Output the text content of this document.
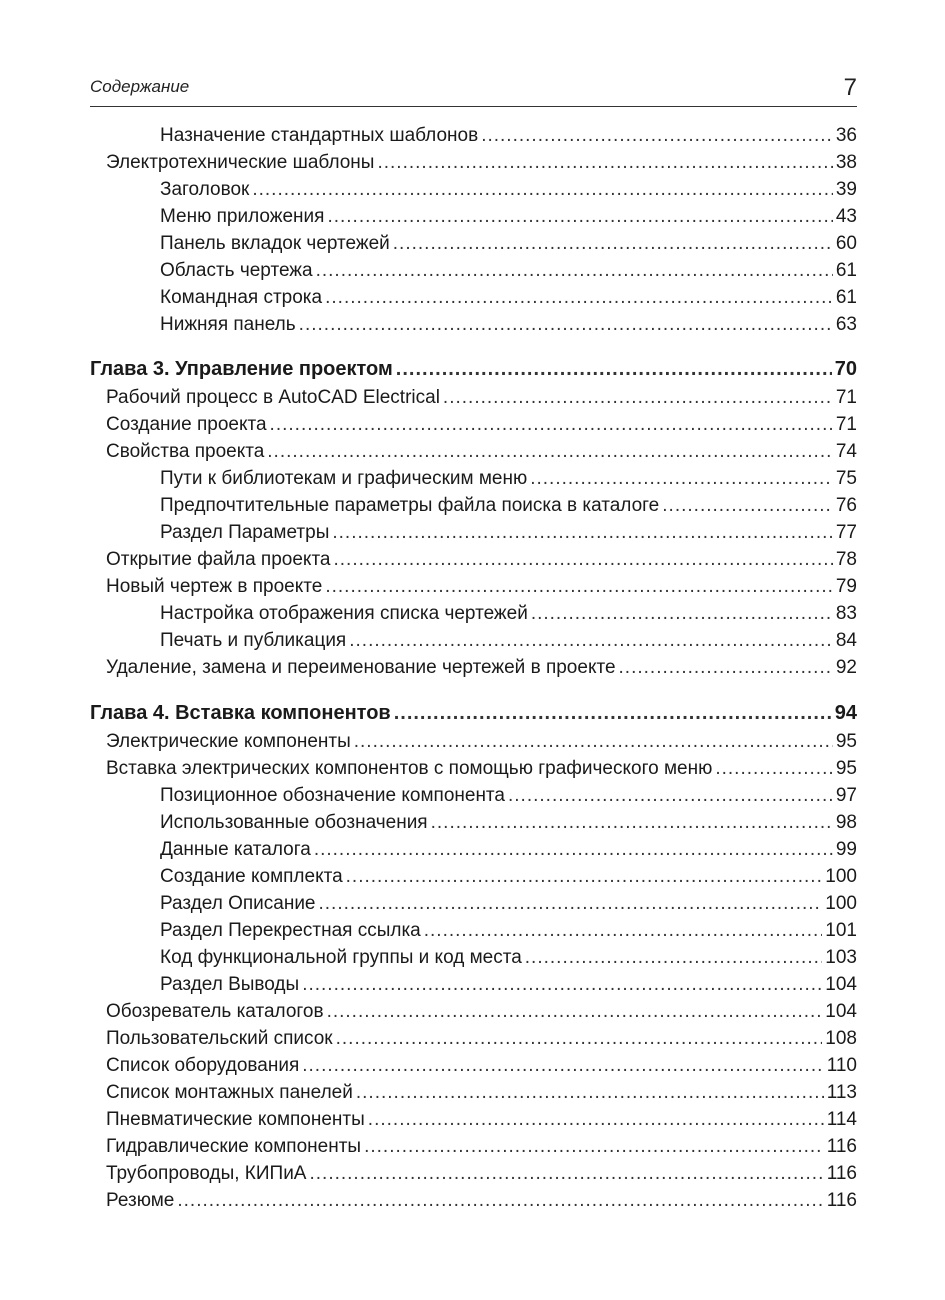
Содержание	7
Назначение стандартных шаблонов .....	36
Электротехнические шаблоны .....	38
Заголовок .....	39
Меню приложения .....	43
Панель вкладок чертежей .....	60
Область чертежа .....	61
Командная строка .....	61
Нижняя панель .....	63
Глава 3. Управление проектом .....	70
Рабочий процесс в AutoCAD Electrical .....	71
Создание проекта .....	71
Свойства проекта .....	74
Пути к библиотекам и графическим меню .....	75
Предпочтительные параметры файла поиска в каталоге .....	76
Раздел Параметры .....	77
Открытие файла проекта .....	78
Новый чертеж в проекте .....	79
Настройка отображения списка чертежей .....	83
Печать и публикация .....	84
Удаление, замена и переименование чертежей в проекте .....	92
Глава 4. Вставка компонентов .....	94
Электрические компоненты .....	95
Вставка электрических компонентов с помощью графического меню .....	95
Позиционное обозначение компонента .....	97
Использованные обозначения .....	98
Данные каталога .....	99
Создание комплекта .....	100
Раздел Описание .....	100
Раздел Перекрестная ссылка .....	101
Код функциональной группы и код места .....	103
Раздел Выводы .....	104
Обозреватель каталогов .....	104
Пользовательский список .....	108
Список оборудования .....	110
Список монтажных панелей .....	113
Пневматические компоненты .....	114
Гидравлические компоненты .....	116
Трубопроводы, КИПиА .....	116
Резюме .....	116
